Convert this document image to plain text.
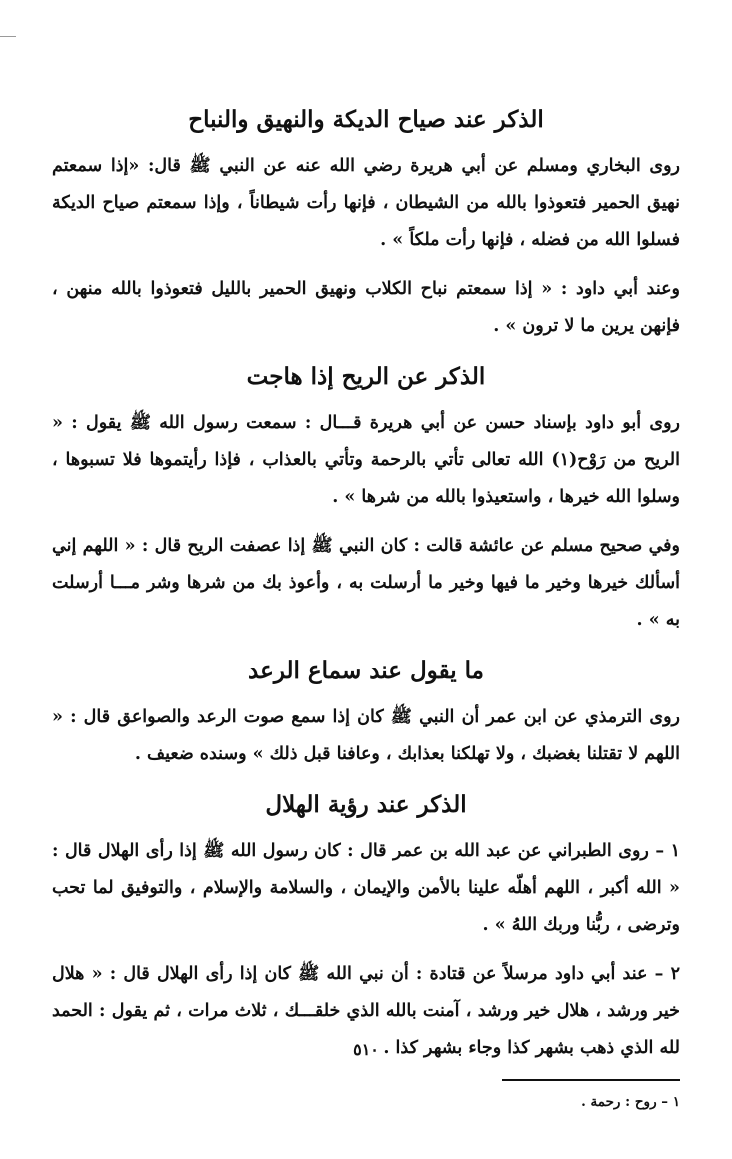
الذكر عند صياح الديكة والنهيق والنباح

روى البخاري ومسلم عن أبي هريرة رضي الله عنه عن النبي ﷺ قال: «إذا سمعتم نهيق الحمير فتعوذوا بالله من الشيطان ، فإنها رأت شيطاناً ، وإذا سمعتم صياح الديكة فسلوا الله من فضله ، فإنها رأت ملكاً » .

وعند أبي داود : « إذا سمعتم نباح الكلاب ونهيق الحمير بالليل فتعوذوا بالله منهن ، فإنهن يرين ما لا ترون » .

الذكر عن الريح إذا هاجت

روى أبو داود بإسناد حسن عن أبي هريرة قـــال : سمعت رسول الله ﷺ يقول : « الريح من رَوْح(١) الله تعالى تأتي بالرحمة وتأتي بالعذاب ، فإذا رأيتموها فلا تسبوها ، وسلوا الله خيرها ، واستعيذوا بالله من شرها » .

وفي صحيح مسلم عن عائشة قالت : كان النبي ﷺ إذا عصفت الريح قال : « اللهم إني أسألك خيرها وخير ما فيها وخير ما أرسلت به ، وأعوذ بك من شرها وشر مـــا أرسلت به » .

ما يقول عند سماع الرعد

روى الترمذي عن ابن عمر أن النبي ﷺ كان إذا سمع صوت الرعد والصواعق قال : « اللهم لا تقتلنا بغضبك ، ولا تهلكنا بعذابك ، وعافنا قبل ذلك » وسنده ضعيف .

الذكر عند رؤية الهلال

١ – روى الطبراني عن عبد الله بن عمر قال : كان رسول الله ﷺ إذا رأى الهلال قال : « الله أكبر ، اللهم أهلّه علينا بالأمن والإيمان ، والسلامة والإسلام ، والتوفيق لما تحب وترضى ، ربُّنا وربك اللهُ » .

٢ – عند أبي داود مرسلاً عن قتادة : أن نبي الله ﷺ كان إذا رأى الهلال قال : « هلال خير ورشد ، هلال خير ورشد ، آمنت بالله الذي خلقـــك ، ثلاث مرات ، ثم يقول : الحمد لله الذي ذهب بشهر كذا وجاء بشهر كذا .

١ – روح : رحمة .
٥١٠
